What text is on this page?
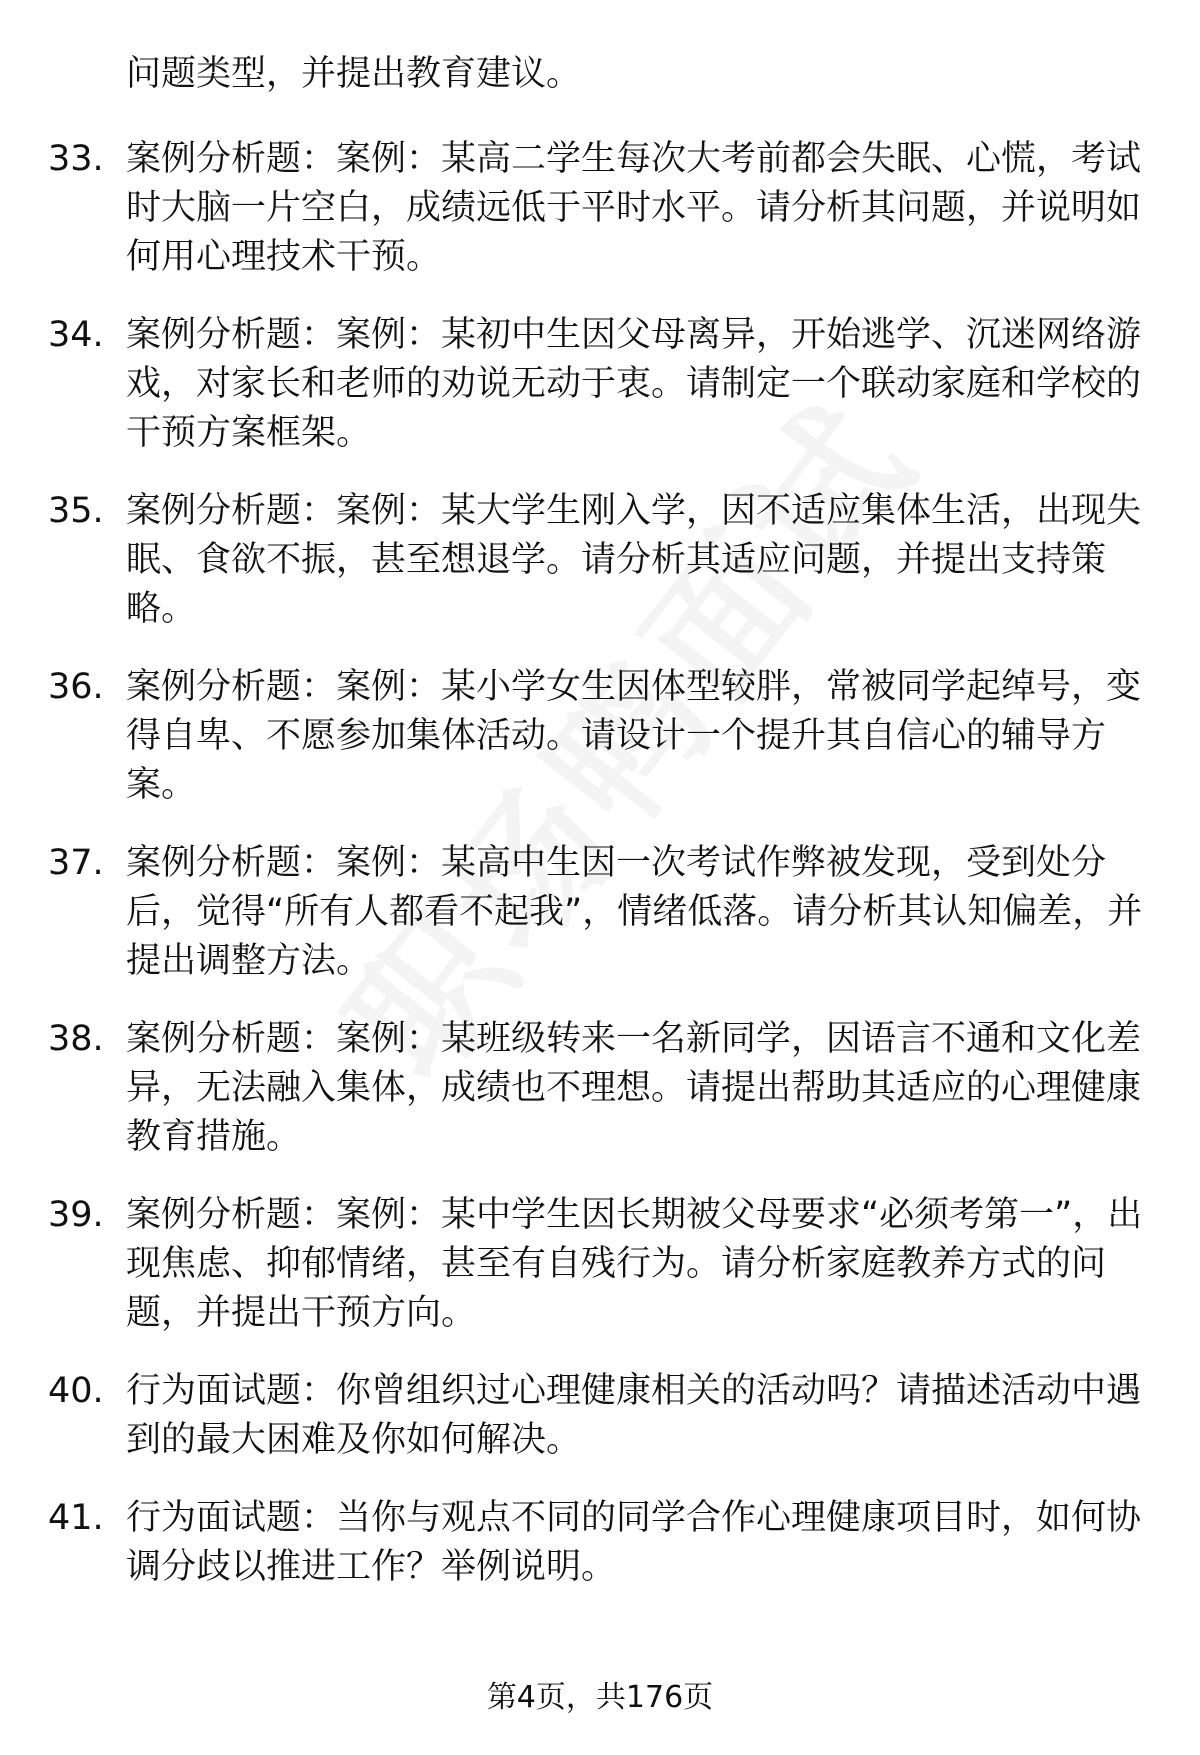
问题类型，并提出教育建议。
33. 案例分析题：案例：某高二学生每次大考前都会失眠、心慌，考试时大脑一片空白，成绩远低于平时水平。请分析其问题，并说明如何用心理技术干预。
34. 案例分析题：案例：某初中生因父母离异，开始逃学、沉迷网络游戏，对家长和老师的劝说无动于衷。请制定一个联动家庭和学校的干预方案框架。
35. 案例分析题：案例：某大学生刚入学，因不适应集体生活，出现失眠、食欲不振，甚至想退学。请分析其适应问题，并提出支持策略。
36. 案例分析题：案例：某小学女生因体型较胖，常被同学起绰号，变得自卑、不愿参加集体活动。请设计一个提升其自信心的辅导方案。
37. 案例分析题：案例：某高中生因一次考试作弊被发现，受到处分后，觉得“所有人都看不起我”，情绪低落。请分析其认知偏差，并提出调整方法。
38. 案例分析题：案例：某班级转来一名新同学，因语言不通和文化差异，无法融入集体，成绩也不理想。请提出帮助其适应的心理健康教育措施。
39. 案例分析题：案例：某中学生因长期被父母要求“必须考第一”，出现焦虑、抑郁情绪，甚至有自残行为。请分析家庭教养方式的问题，并提出干预方向。
40. 行为面试题：你曾组织过心理健康相关的活动吗？请描述活动中遇到的最大困难及你如何解决。
41. 行为面试题：当你与观点不同的同学合作心理健康项目时，如何协调分歧以推进工作？举例说明。
第4页，共176页
